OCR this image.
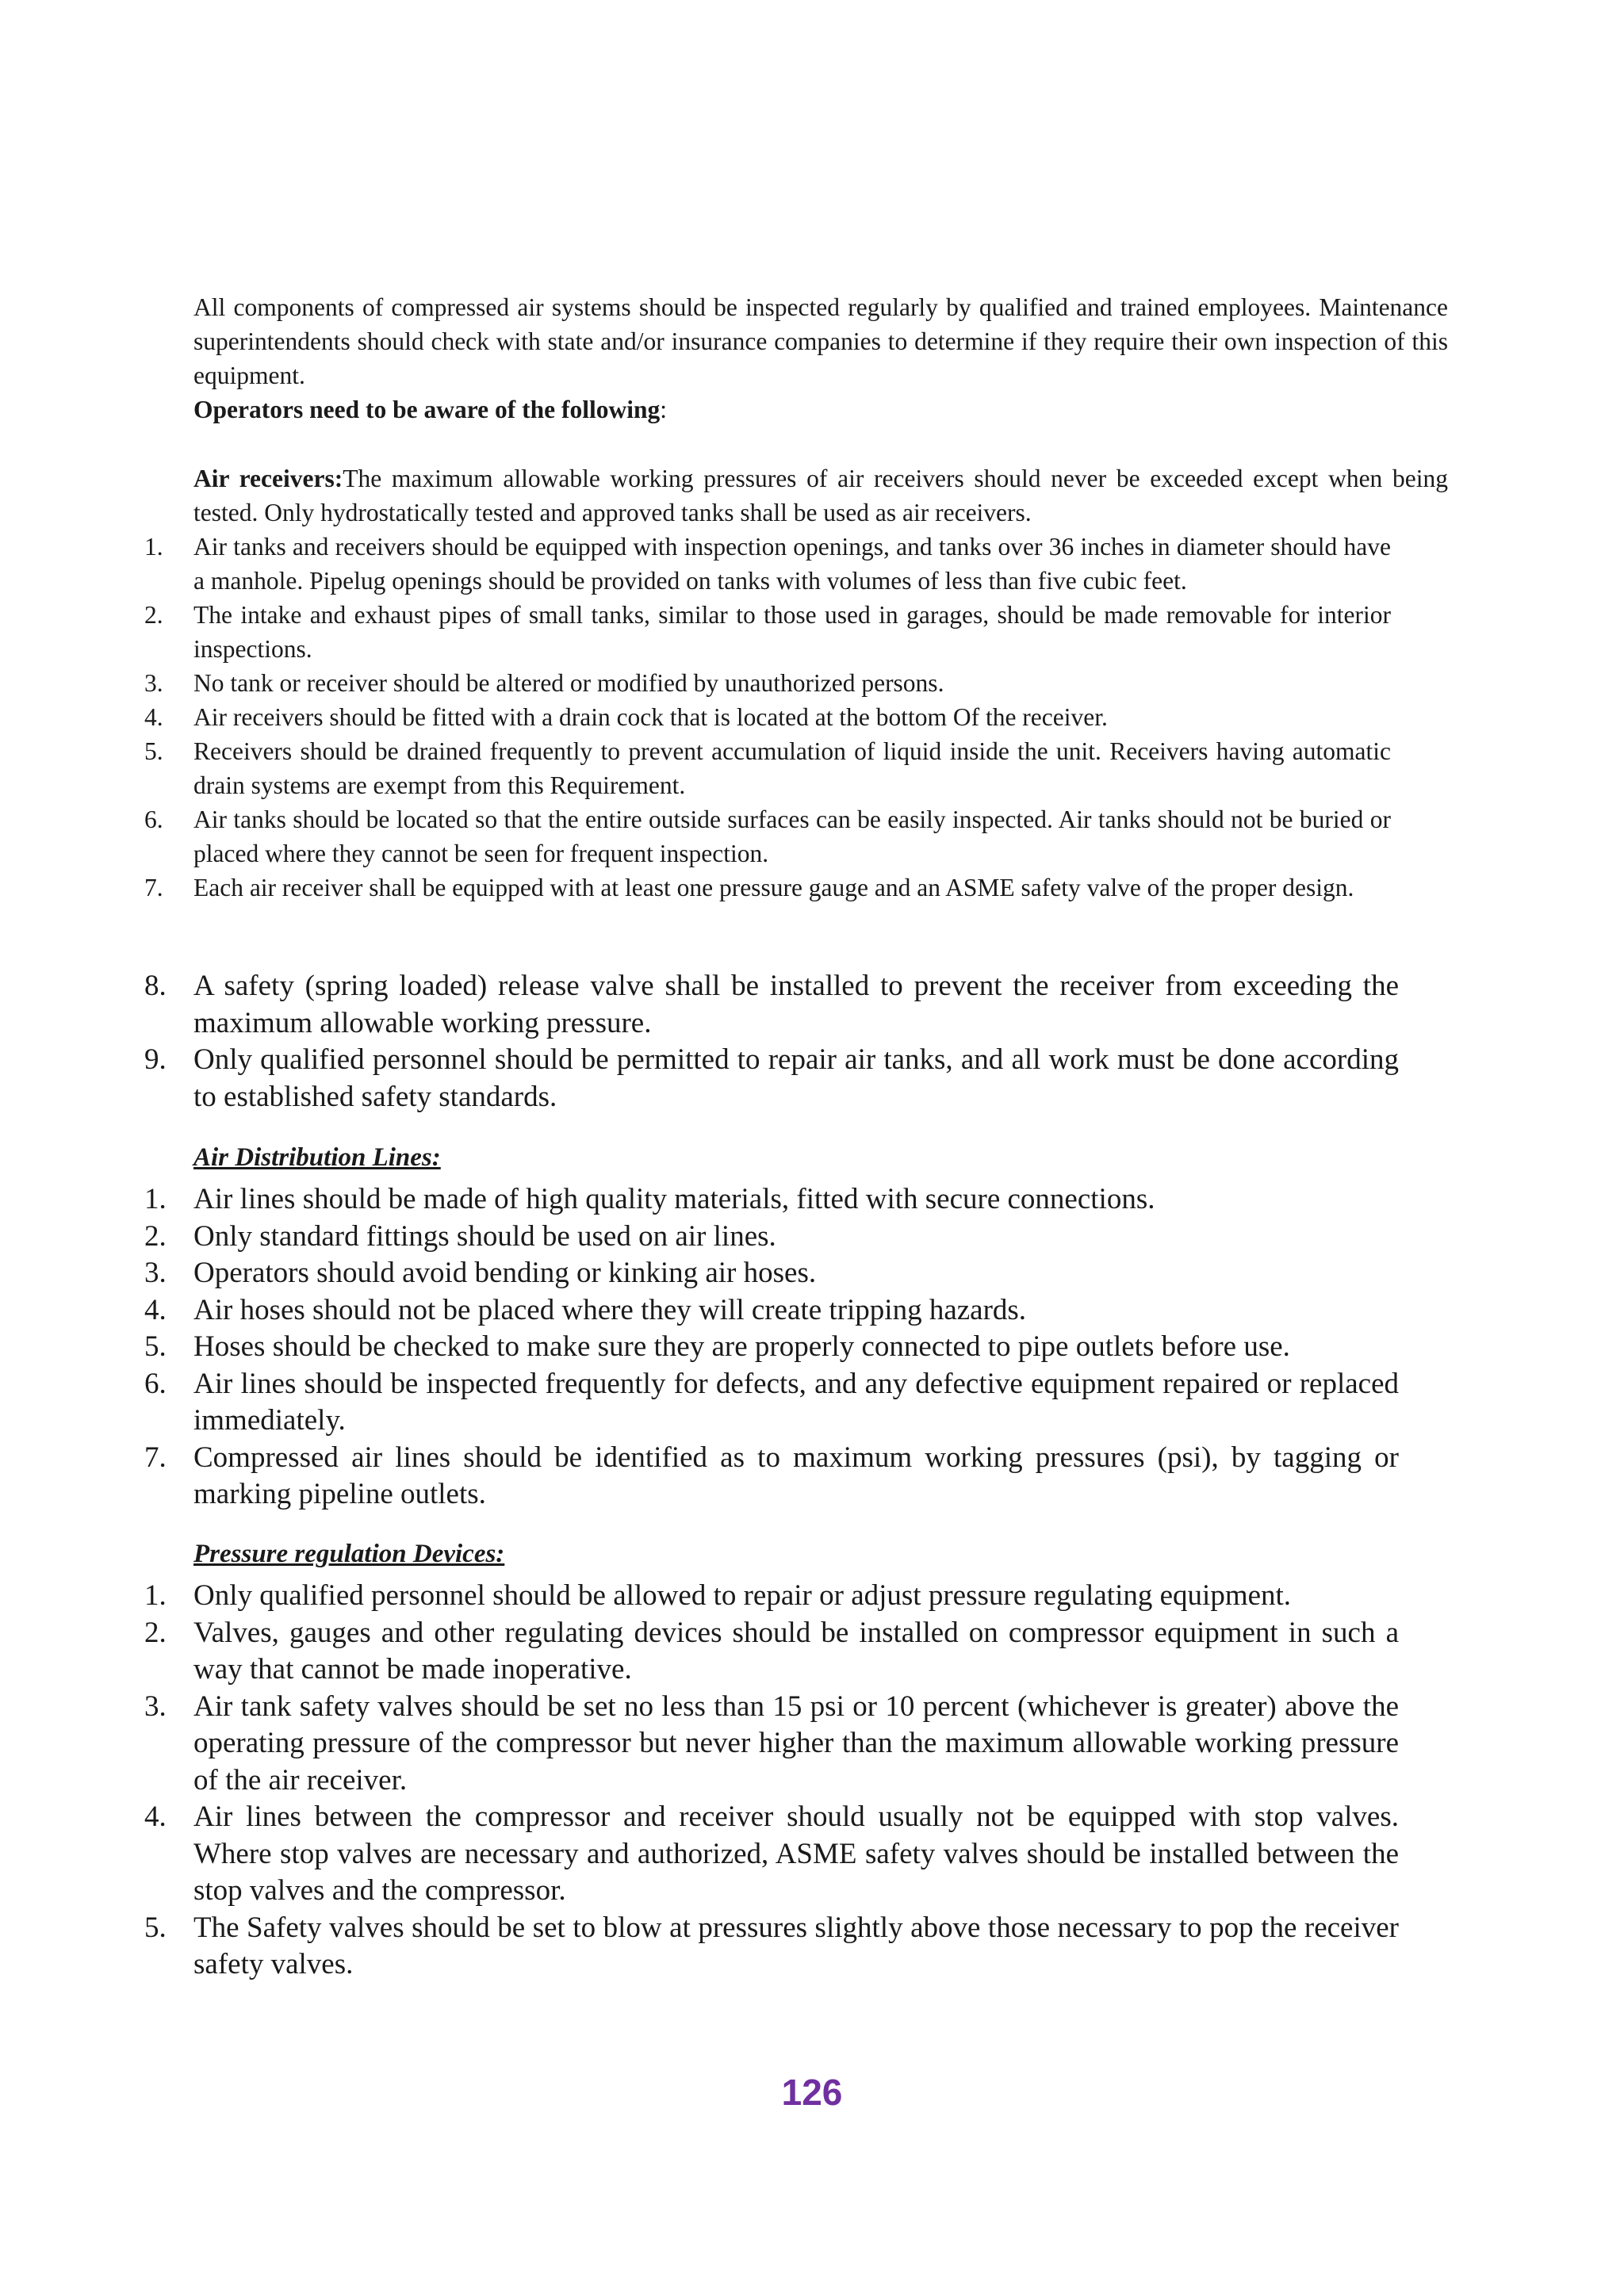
All components of compressed air systems should be inspected regularly by qualified and trained employees. Maintenance superintendents should check with state and/or insurance companies to determine if they require their own inspection of this equipment.

Operators need to be aware of the following:

Air receivers:The maximum allowable working pressures of air receivers should never be exceeded except when being tested. Only hydrostatically tested and approved tanks shall be used as air receivers.

1. Air tanks and receivers should be equipped with inspection openings, and tanks over 36 inches in diameter should have a manhole. Pipelug openings should be provided on tanks with volumes of less than five cubic feet.
2. The intake and exhaust pipes of small tanks, similar to those used in garages, should be made removable for interior inspections.
3. No tank or receiver should be altered or modified by unauthorized persons.
4. Air receivers should be fitted with a drain cock that is located at the bottom Of the receiver.
5. Receivers should be drained frequently to prevent accumulation of liquid inside the unit. Receivers having automatic drain systems are exempt from this Requirement.
6. Air tanks should be located so that the entire outside surfaces can be easily inspected. Air tanks should not be buried or placed where they cannot be seen for frequent inspection.
7. Each air receiver shall be equipped with at least one pressure gauge and an ASME safety valve of the proper design.
8. A safety (spring loaded) release valve shall be installed to prevent the receiver from exceeding the maximum allowable working pressure.
9. Only qualified personnel should be permitted to repair air tanks, and all work must be done according to established safety standards.
Air Distribution Lines:
1. Air lines should be made of high quality materials, fitted with secure connections.
2. Only standard fittings should be used on air lines.
3. Operators should avoid bending or kinking air hoses.
4. Air hoses should not be placed where they will create tripping hazards.
5. Hoses should be checked to make sure they are properly connected to pipe outlets before use.
6. Air lines should be inspected frequently for defects, and any defective equipment repaired or replaced immediately.
7. Compressed air lines should be identified as to maximum working pressures (psi), by tagging or marking pipeline outlets.
Pressure regulation Devices:
1. Only qualified personnel should be allowed to repair or adjust pressure regulating equipment.
2. Valves, gauges and other regulating devices should be installed on compressor equipment in such a way that cannot be made inoperative.
3. Air tank safety valves should be set no less than 15 psi or 10 percent (whichever is greater) above the operating pressure of the compressor but never higher than the maximum allowable working pressure of the air receiver.
4. Air lines between the compressor and receiver should usually not be equipped with stop valves. Where stop valves are necessary and authorized, ASME safety valves should be installed between the stop valves and the compressor.
5. The Safety valves should be set to blow at pressures slightly above those necessary to pop the receiver safety valves.
126
